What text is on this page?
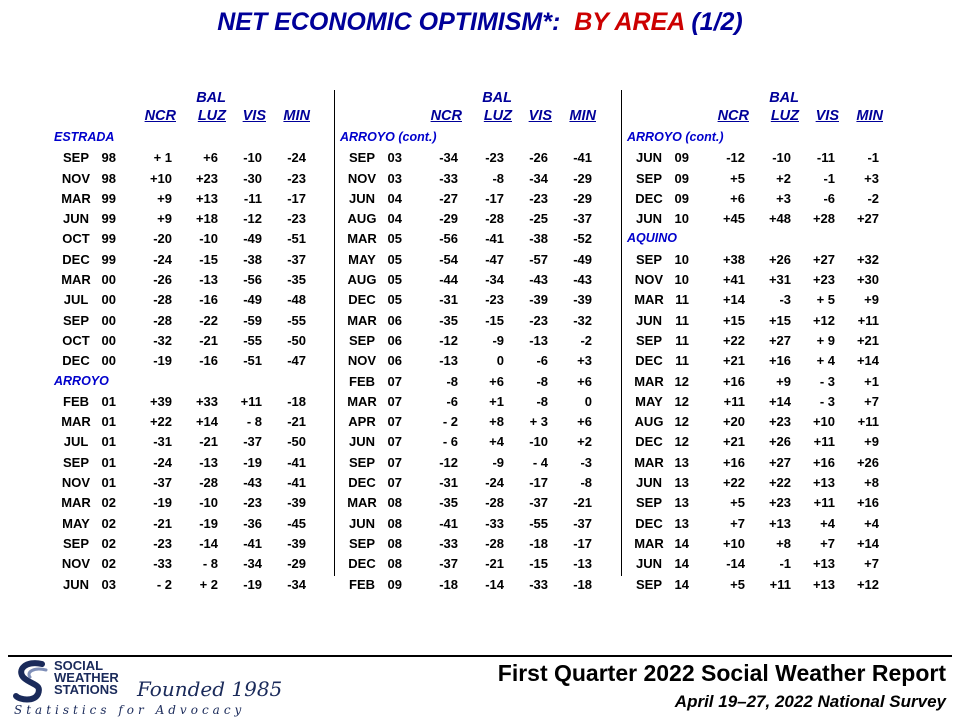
NET ECONOMIC OPTIMISM*:  BY AREA (1/2)
BAL
NCR	LUZ	VIS	MIN
ESTRADA
SEP 98	+ 1	+6	-10	-24
NOV 98	+10	+23	-30	-23
MAR 99	+9	+13	-11	-17
JUN 99	+9	+18	-12	-23
OCT 99	-20	-10	-49	-51
DEC 99	-24	-15	-38	-37
MAR 00	-26	-13	-56	-35
JUL	00	-28	-16	-49	-48
SEP 00	-28	-22	-59	-55
OCT 00	-32	-21	-55	-50
DEC 00	-19	-16	-51	-47
ARROYO
FEB 01	+39	+33	+11	-18
MAR 01	+22	+14	- 8	-21
JUL	01	-31	-21	-37	-50
SEP 01	-24	-13	-19	-41
NOV 01	-37	-28	-43	-41
MAR 02	-19	-10	-23	-39
MAY 02	-21	-19	-36	-45
SEP 02	-23	-14	-41	-39
NOV 02	-33	- 8	-34	-29
JUN 03	- 2	+ 2	-19	-34
BAL
NCR	LUZ	VIS	MIN
ARROYO (cont.)
SEP 03	-34	-23	-26	-41
NOV 03	-33	-8	-34	-29
JUN 04	-27	-17	-23	-29
AUG 04	-29	-28	-25	-37
MAR 05	-56	-41	-38	-52
MAY 05	-54	-47	-57	-49
AUG 05	-44	-34	-43	-43
DEC 05	-31	-23	-39	-39
MAR 06	-35	-15	-23	-32
SEP 06	-12	-9	-13	-2
NOV 06	-13	0	-6	+3
FEB 07	-8	+6	-8	+6
MAR 07	-6	+1	-8	0
APR 07	- 2	+8	+ 3	+6
JUN 07	- 6	+4	-10	+2
SEP 07	-12	-9	- 4	-3
DEC 07	-31	-24	-17	-8
MAR 08	-35	-28	-37	-21
JUN 08	-41	-33	-55	-37
SEP 08	-33	-28	-18	-17
DEC 08	-37	-21	-15	-13
FEB 09	-18	-14	-33	-18
BAL
NCR	LUZ	VIS	MIN
ARROYO (cont.)
JUN 09	-12	-10	-11	-1
SEP 09	+5	+2	-1	+3
DEC 09	+6	+3	-6	-2
JUN 10	+45	+48	+28	+27
AQUINO
SEP 10	+38	+26	+27	+32
NOV 10	+41	+31	+23	+30
MAR 11	+14	-3	+ 5	+9
JUN	11	+15	+15	+12	+11
SEP	11	+22	+27	+ 9	+21
DEC 11	+21	+16	+ 4	+14
MAR 12	+16	+9	- 3	+1
MAY 12	+11	+14	- 3	+7
AUG 12	+20	+23	+10	+11
DEC 12	+21	+26	+11	+9
MAR 13	+16	+27	+16	+26
JUN 13	+22	+22	+13	+8
SEP 13	+5	+23	+11	+16
DEC 13	+7	+13	+4	+4
MAR 14	+10	+8	+7	+14
JUN 14	-14	-1	+13	+7
SEP 14	+5	+11	+13	+12
SOCIAL
WEATHER
STATIONS Founded 1985
Statistics for Advocacy
First Quarter 2022 Social Weather Report
April 19–27, 2022 National Survey
